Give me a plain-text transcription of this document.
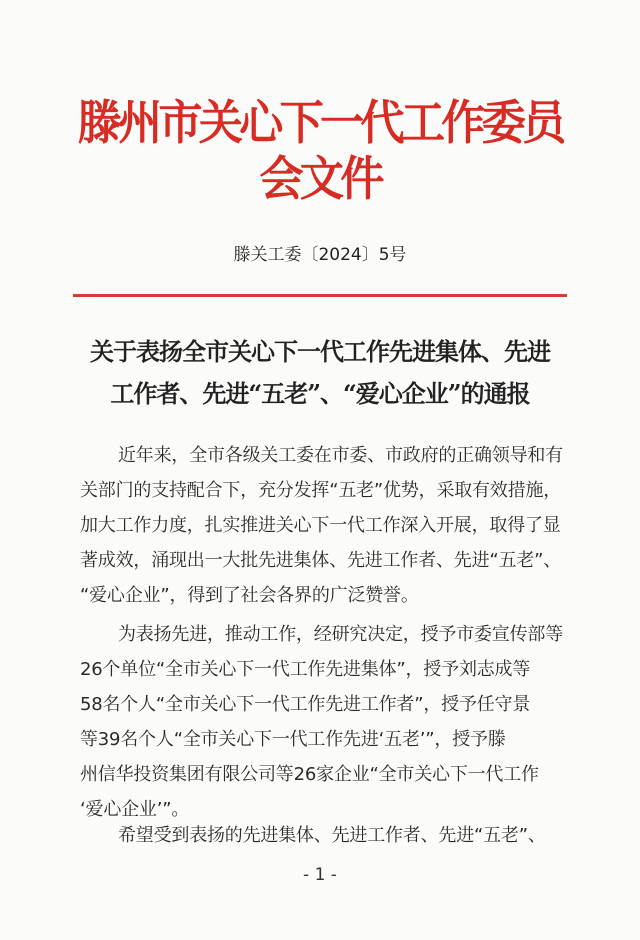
滕州市关心下一代工作委员会文件
滕关工委〔2024〕5号
关于表扬全市关心下一代工作先进集体、先进
工作者、先进“五老”、“爱心企业”的通报
近年来，全市各级关工委在市委、市政府的正确领导和有
关部门的支持配合下，充分发挥“五老”优势，采取有效措施，
加大工作力度，扎实推进关心下一代工作深入开展，取得了显
著成效，涌现出一大批先进集体、先进工作者、先进“五老”、
“爱心企业”，得到了社会各界的广泛赞誉。
为表扬先进，推动工作，经研究决定，授予市委宣传部等
26个单位“全市关心下一代工作先进集体”，授予刘志成等
58名个人“全市关心下一代工作先进工作者”，授予任守景
等39名个人“全市关心下一代工作先进‘五老’”，授予滕
州信华投资集团有限公司等26家企业“全市关心下一代工作
‘爱心企业’”。
希望受到表扬的先进集体、先进工作者、先进“五老”、
- 1 -
